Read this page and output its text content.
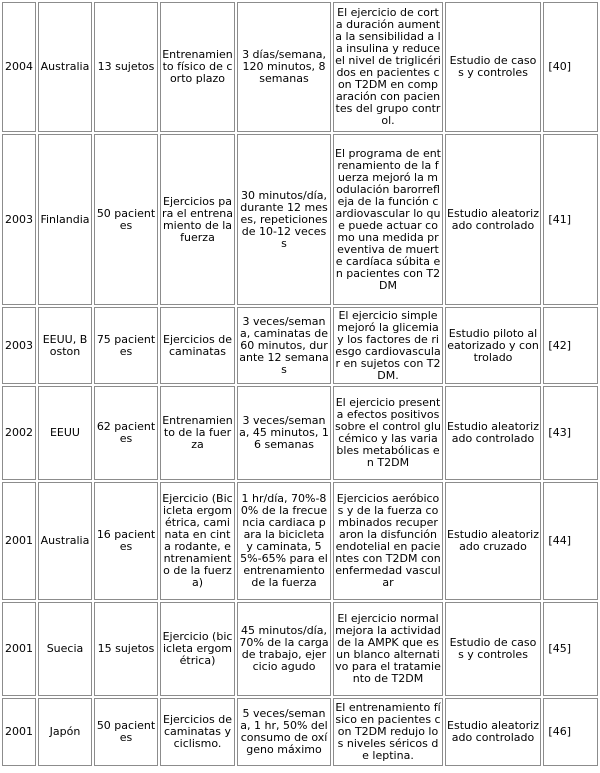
2004	Australia	13 sujetos	Entrenamiento físico de corto plazo	3 días/semana, 120 minutos, 8 semanas	El ejercicio de corta duración aumenta la sensibilidad a la insulina y reduce el nivel de triglicéridos en pacientes con T2DM en comparación con pacientes del grupo control.	Estudio de casos y controles	[40]
2003	Finlandia	50 pacientes	Ejercicios para el entrenamiento de la fuerza	30 minutos/día, durante 12 meses, repeticiones de 10-12 veces s	El programa de entrenamiento de la fuerza mejoró la modulación barorrefleja de la función cardiovascular lo que puede actuar como una medida preventiva de muerte cardíaca súbita en pacientes con T2DM	Estudio aleatorizado controlado	[41]
2003	EEUU, Boston	75 pacientes	Ejercicios de caminatas	3 veces/semana, caminatas de 60 minutos, durante 12 semanas	El ejercicio simple mejoró la glicemia y los factores de riesgo cardiovascular en sujetos con T2DM.	Estudio piloto aleatorizado y controlado	[42]
2002	EEUU	62 pacientes	Entrenamiento de la fuerza	3 veces/semana, 45 minutos, 16 semanas	El ejercicio presenta efectos positivos sobre el control glucémico y las variables metabólicas en T2DM	Estudio aleatorizado controlado	[43]
2001	Australia	16 pacientes	Ejercicio (Bicicleta ergométrica, caminata en cinta rodante, entrenamiento de la fuerza)	1 hr/día, 70%-80% de la frecuencia cardiaca para la bicicleta y caminata, 55%-65% para el entrenamiento de la fuerza	Ejercicios aeróbicos y de la fuerza combinados recuperaron la disfunción endotelial en pacientes con T2DM con enfermedad vascular	Estudio aleatorizado cruzado	[44]
2001	Suecia	15 sujetos	Ejercicio (bicicleta ergométrica)	45 minutos/día, 70% de la carga de trabajo, ejercicio agudo	El ejercicio normal mejora la actividad de la AMPK que es un blanco alternativo para el tratamiento de T2DM	Estudio de casos y controles	[45]
2001	Japón	50 pacientes	Ejercicios de caminatas y ciclismo.	5 veces/semana, 1 hr, 50% del consumo de oxígeno máximo	El entrenamiento físico en pacientes con T2DM redujo los niveles séricos de leptina.	Estudio aleatorizado controlado	[46]
